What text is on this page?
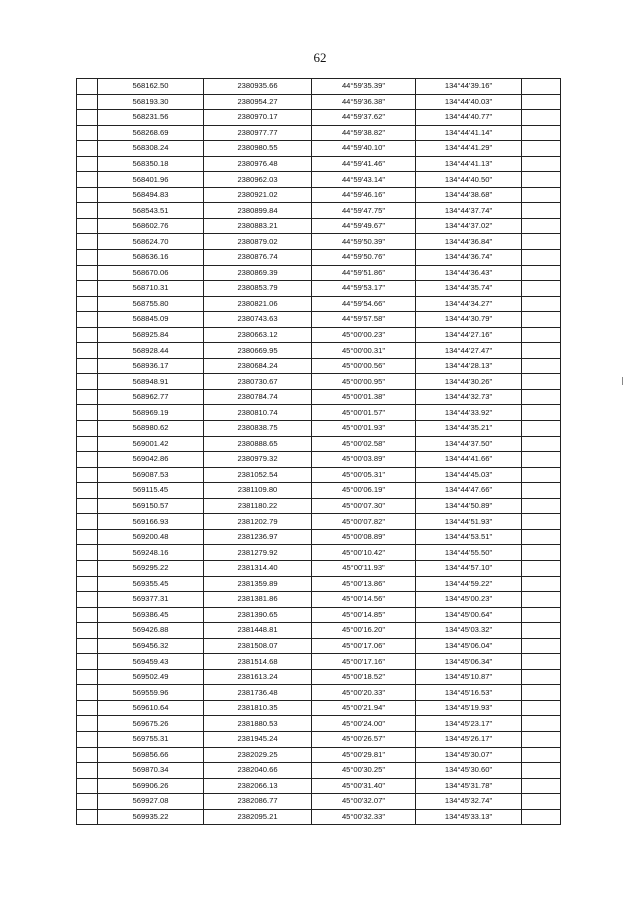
62
	568162.50	2380935.66	44°59'35.39"	134°44'39.16"	
	568193.30	2380954.27	44°59'36.38"	134°44'40.03"	
	568231.56	2380970.17	44°59'37.62"	134°44'40.77"	
	568268.69	2380977.77	44°59'38.82"	134°44'41.14"	
	568308.24	2380980.55	44°59'40.10"	134°44'41.29"	
	568350.18	2380976.48	44°59'41.46"	134°44'41.13"	
	568401.96	2380962.03	44°59'43.14"	134°44'40.50"	
	568494.83	2380921.02	44°59'46.16"	134°44'38.68"	
	568543.51	2380899.84	44°59'47.75"	134°44'37.74"	
	568602.76	2380883.21	44°59'49.67"	134°44'37.02"	
	568624.70	2380879.02	44°59'50.39"	134°44'36.84"	
	568636.16	2380876.74	44°59'50.76"	134°44'36.74"	
	568670.06	2380869.39	44°59'51.86"	134°44'36.43"	
	568710.31	2380853.79	44°59'53.17"	134°44'35.74"	
	568755.80	2380821.06	44°59'54.66"	134°44'34.27"	
	568845.09	2380743.63	44°59'57.58"	134°44'30.79"	
	568925.84	2380663.12	45°00'00.23"	134°44'27.16"	
	568928.44	2380669.95	45°00'00.31"	134°44'27.47"	
	568936.17	2380684.24	45°00'00.56"	134°44'28.13"	
	568948.91	2380730.67	45°00'00.95"	134°44'30.26"	
	568962.77	2380784.74	45°00'01.38"	134°44'32.73"	
	568969.19	2380810.74	45°00'01.57"	134°44'33.92"	
	568980.62	2380838.75	45°00'01.93"	134°44'35.21"	
	569001.42	2380888.65	45°00'02.58"	134°44'37.50"	
	569042.86	2380979.32	45°00'03.89"	134°44'41.66"	
	569087.53	2381052.54	45°00'05.31"	134°44'45.03"	
	569115.45	2381109.80	45°00'06.19"	134°44'47.66"	
	569150.57	2381180.22	45°00'07.30"	134°44'50.89"	
	569166.93	2381202.79	45°00'07.82"	134°44'51.93"	
	569200.48	2381236.97	45°00'08.89"	134°44'53.51"	
	569248.16	2381279.92	45°00'10.42"	134°44'55.50"	
	569295.22	2381314.40	45°00'11.93"	134°44'57.10"	
	569355.45	2381359.89	45°00'13.86"	134°44'59.22"	
	569377.31	2381381.86	45°00'14.56"	134°45'00.23"	
	569386.45	2381390.65	45°00'14.85"	134°45'00.64"	
	569426.88	2381448.81	45°00'16.20"	134°45'03.32"	
	569456.32	2381508.07	45°00'17.06"	134°45'06.04"	
	569459.43	2381514.68	45°00'17.16"	134°45'06.34"	
	569502.49	2381613.24	45°00'18.52"	134°45'10.87"	
	569559.96	2381736.48	45°00'20.33"	134°45'16.53"	
	569610.64	2381810.35	45°00'21.94"	134°45'19.93"	
	569675.26	2381880.53	45°00'24.00"	134°45'23.17"	
	569755.31	2381945.24	45°00'26.57"	134°45'26.17"	
	569856.66	2382029.25	45°00'29.81"	134°45'30.07"	
	569870.34	2382040.66	45°00'30.25"	134°45'30.60"	
	569906.26	2382066.13	45°00'31.40"	134°45'31.78"	
	569927.08	2382086.77	45°00'32.07"	134°45'32.74"	
	569935.22	2382095.21	45°00'32.33"	134°45'33.13"	
